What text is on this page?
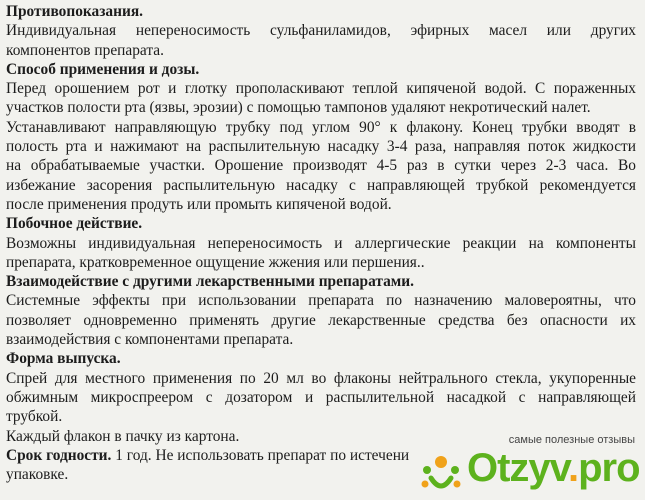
Противопоказания.
Индивидуальная непереносимость сульфаниламидов, эфирных масел или других
компонентов препарата.
Способ применения и дозы.
Перед орошением рот и глотку прополаскивают теплой кипяченой водой. С пораженных
участков полости рта (язвы, эрозии) с помощью тампонов удаляют некротический налет.
Устанавливают направляющую трубку под углом 90° к флакону. Конец трубки вводят в
полость рта и нажимают на распылительную насадку 3-4 раза, направляя поток жидкости
на обрабатываемые участки. Орошение производят 4-5 раз в сутки через 2-3 часа. Во
избежание засорения распылительную насадку с направляющей трубкой рекомендуется
после применения продуть или промыть кипяченой водой.
Побочное действие.
Возможны индивидуальная непереносимость и аллергические реакции на компоненты
препарата, кратковременное ощущение жжения или першения..
Взаимодействие с другими лекарственными препаратами.
Системные эффекты при использовании препарата по назначению маловероятны, что
позволяет одновременно применять другие лекарственные средства без опасности их
взаимодействия с компонентами препарата.
Форма выпуска.
Спрей для местного применения по 20 мл во флаконы нейтрального стекла, укупоренные
обжимным микроспреером с дозатором и распылительной насадкой с направляющей
трубкой.
Каждый флакон в пачку из картона.
Срок годности. 1 год. Не использовать препарат по истечени
упаковке.
самые полезные отзывы
Otzyv.pro
